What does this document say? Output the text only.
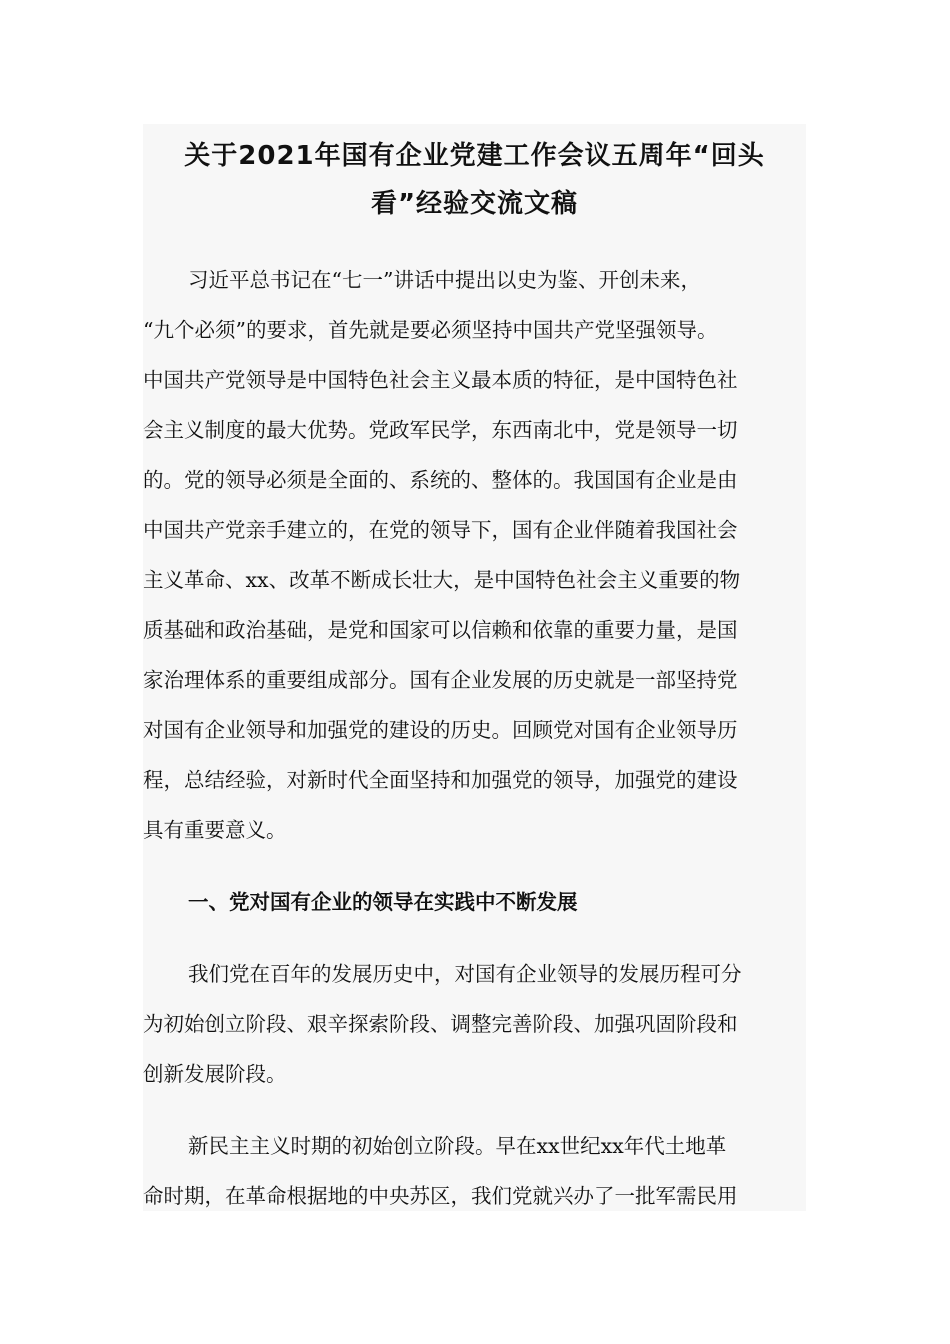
关于2021年国有企业党建工作会议五周年“回头
看”经验交流文稿
习近平总书记在“七一”讲话中提出以史为鉴、开创未来，
“九个必须”的要求，首先就是要必须坚持中国共产党坚强领导。
中国共产党领导是中国特色社会主义最本质的特征，是中国特色社
会主义制度的最大优势。党政军民学，东西南北中，党是领导一切
的。党的领导必须是全面的、系统的、整体的。我国国有企业是由
中国共产党亲手建立的，在党的领导下，国有企业伴随着我国社会
主义革命、xx、改革不断成长壮大，是中国特色社会主义重要的物
质基础和政治基础，是党和国家可以信赖和依靠的重要力量，是国
家治理体系的重要组成部分。国有企业发展的历史就是一部坚持党
对国有企业领导和加强党的建设的历史。回顾党对国有企业领导历
程，总结经验，对新时代全面坚持和加强党的领导，加强党的建设
具有重要意义。
一、党对国有企业的领导在实践中不断发展
我们党在百年的发展历史中，对国有企业领导的发展历程可分
为初始创立阶段、艰辛探索阶段、调整完善阶段、加强巩固阶段和
创新发展阶段。
新民主主义时期的初始创立阶段。早在xx世纪xx年代土地革
命时期，在革命根据地的中央苏区，我们党就兴办了一批军需民用
